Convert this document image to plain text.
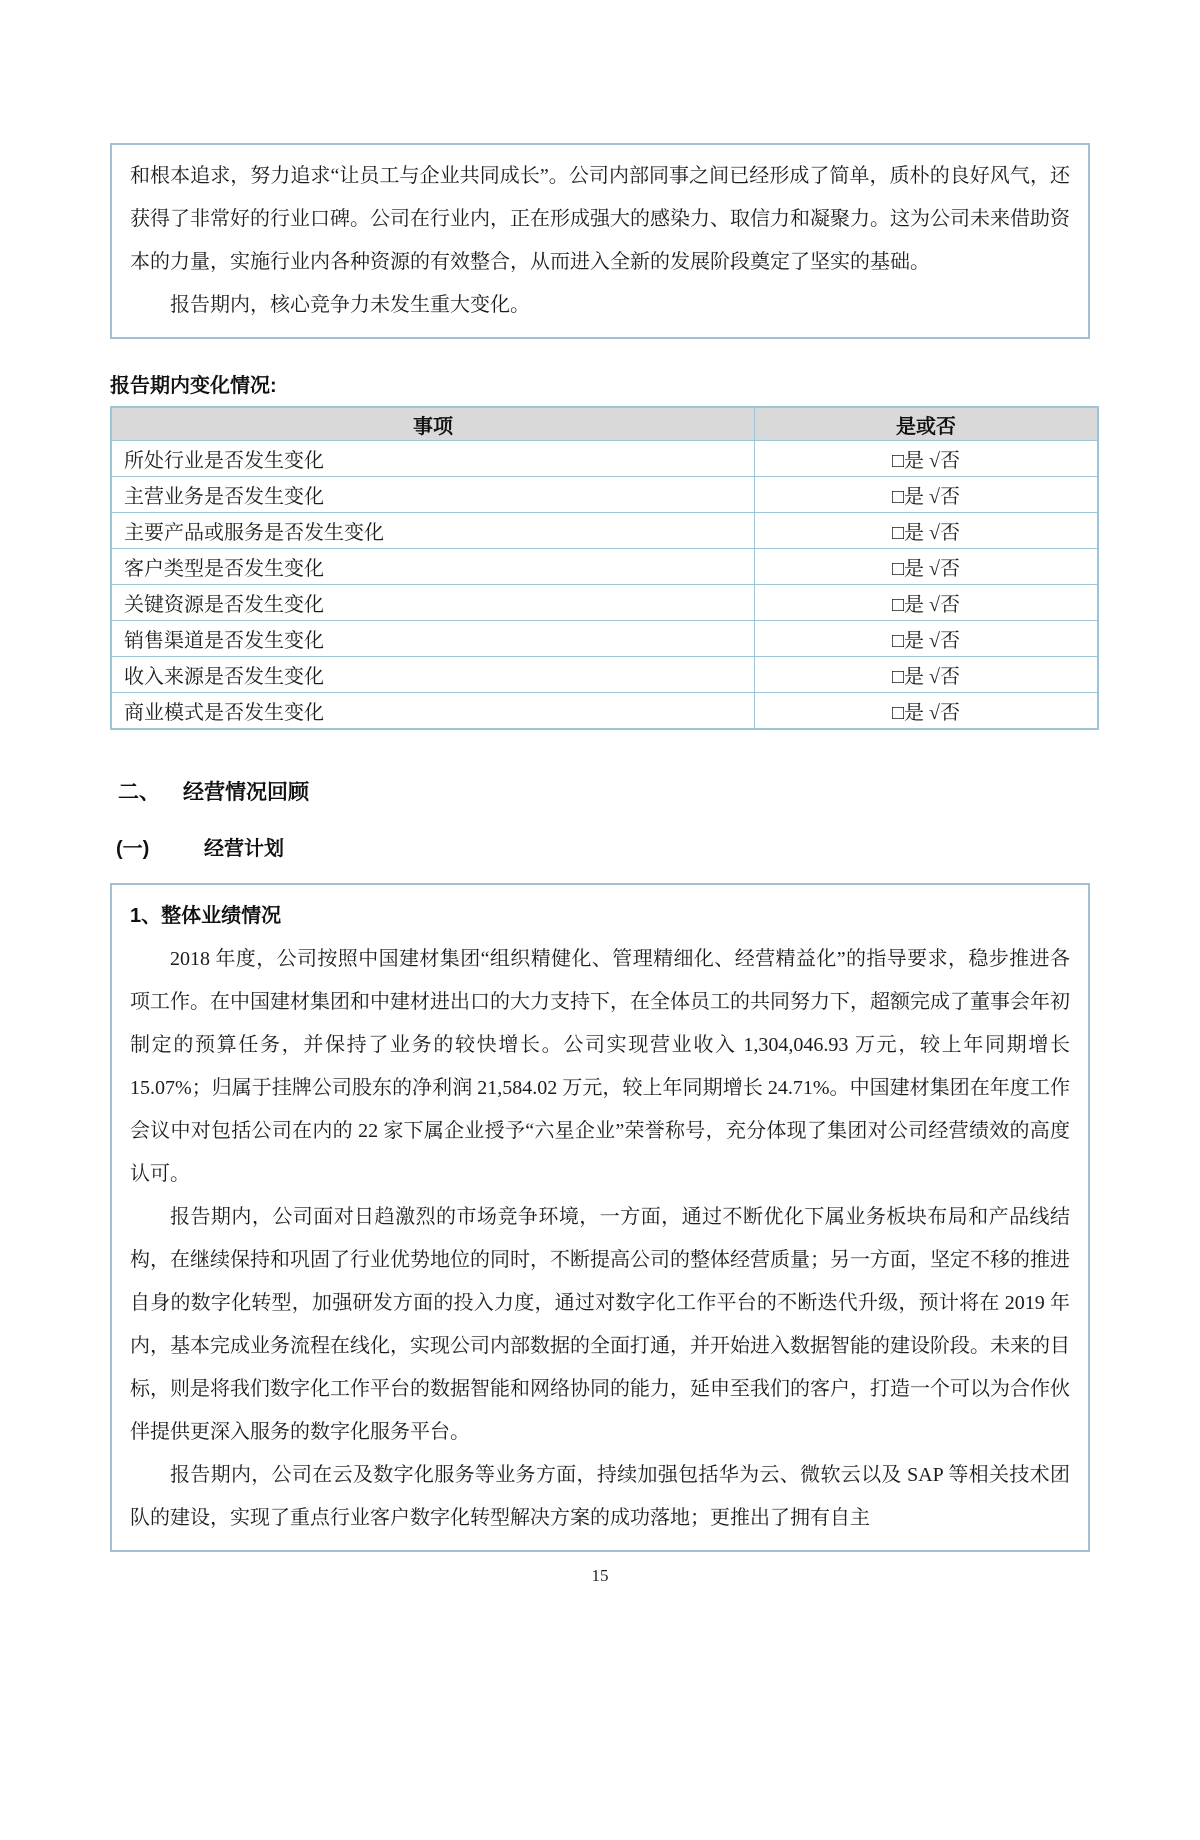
和根本追求，努力追求“让员工与企业共同成长”。公司内部同事之间已经形成了简单，质朴的良好风气，还获得了非常好的行业口碑。公司在行业内，正在形成强大的感染力、取信力和凝聚力。这为公司未来借助资本的力量，实施行业内各种资源的有效整合，从而进入全新的发展阶段奠定了坚实的基础。

报告期内，核心竞争力未发生重大变化。

报告期内变化情况:
事项	是或否
所处行业是否发生变化	□是 √否
主营业务是否发生变化	□是 √否
主要产品或服务是否发生变化	□是 √否
客户类型是否发生变化	□是 √否
关键资源是否发生变化	□是 √否
销售渠道是否发生变化	□是 √否
收入来源是否发生变化	□是 √否
商业模式是否发生变化	□是 √否
二、	经营情况回顾
(一)	经营计划
1、整体业绩情况

2018 年度，公司按照中国建材集团“组织精健化、管理精细化、经营精益化”的指导要求，稳步推进各项工作。在中国建材集团和中建材进出口的大力支持下，在全体员工的共同努力下，超额完成了董事会年初制定的预算任务，并保持了业务的较快增长。公司实现营业收入 1,304,046.93 万元，较上年同期增长 15.07%；归属于挂牌公司股东的净利润 21,584.02 万元，较上年同期增长 24.71%。中国建材集团在年度工作会议中对包括公司在内的 22 家下属企业授予“六星企业”荣誉称号，充分体现了集团对公司经营绩效的高度认可。

报告期内，公司面对日趋激烈的市场竞争环境，一方面，通过不断优化下属业务板块布局和产品线结构，在继续保持和巩固了行业优势地位的同时，不断提高公司的整体经营质量；另一方面，坚定不移的推进自身的数字化转型，加强研发方面的投入力度，通过对数字化工作平台的不断迭代升级，预计将在 2019 年内，基本完成业务流程在线化，实现公司内部数据的全面打通，并开始进入数据智能的建设阶段。未来的目标，则是将我们数字化工作平台的数据智能和网络协同的能力，延申至我们的客户，打造一个可以为合作伙伴提供更深入服务的数字化服务平台。

报告期内，公司在云及数字化服务等业务方面，持续加强包括华为云、微软云以及 SAP 等相关技术团队的建设，实现了重点行业客户数字化转型解决方案的成功落地；更推出了拥有自主

15
